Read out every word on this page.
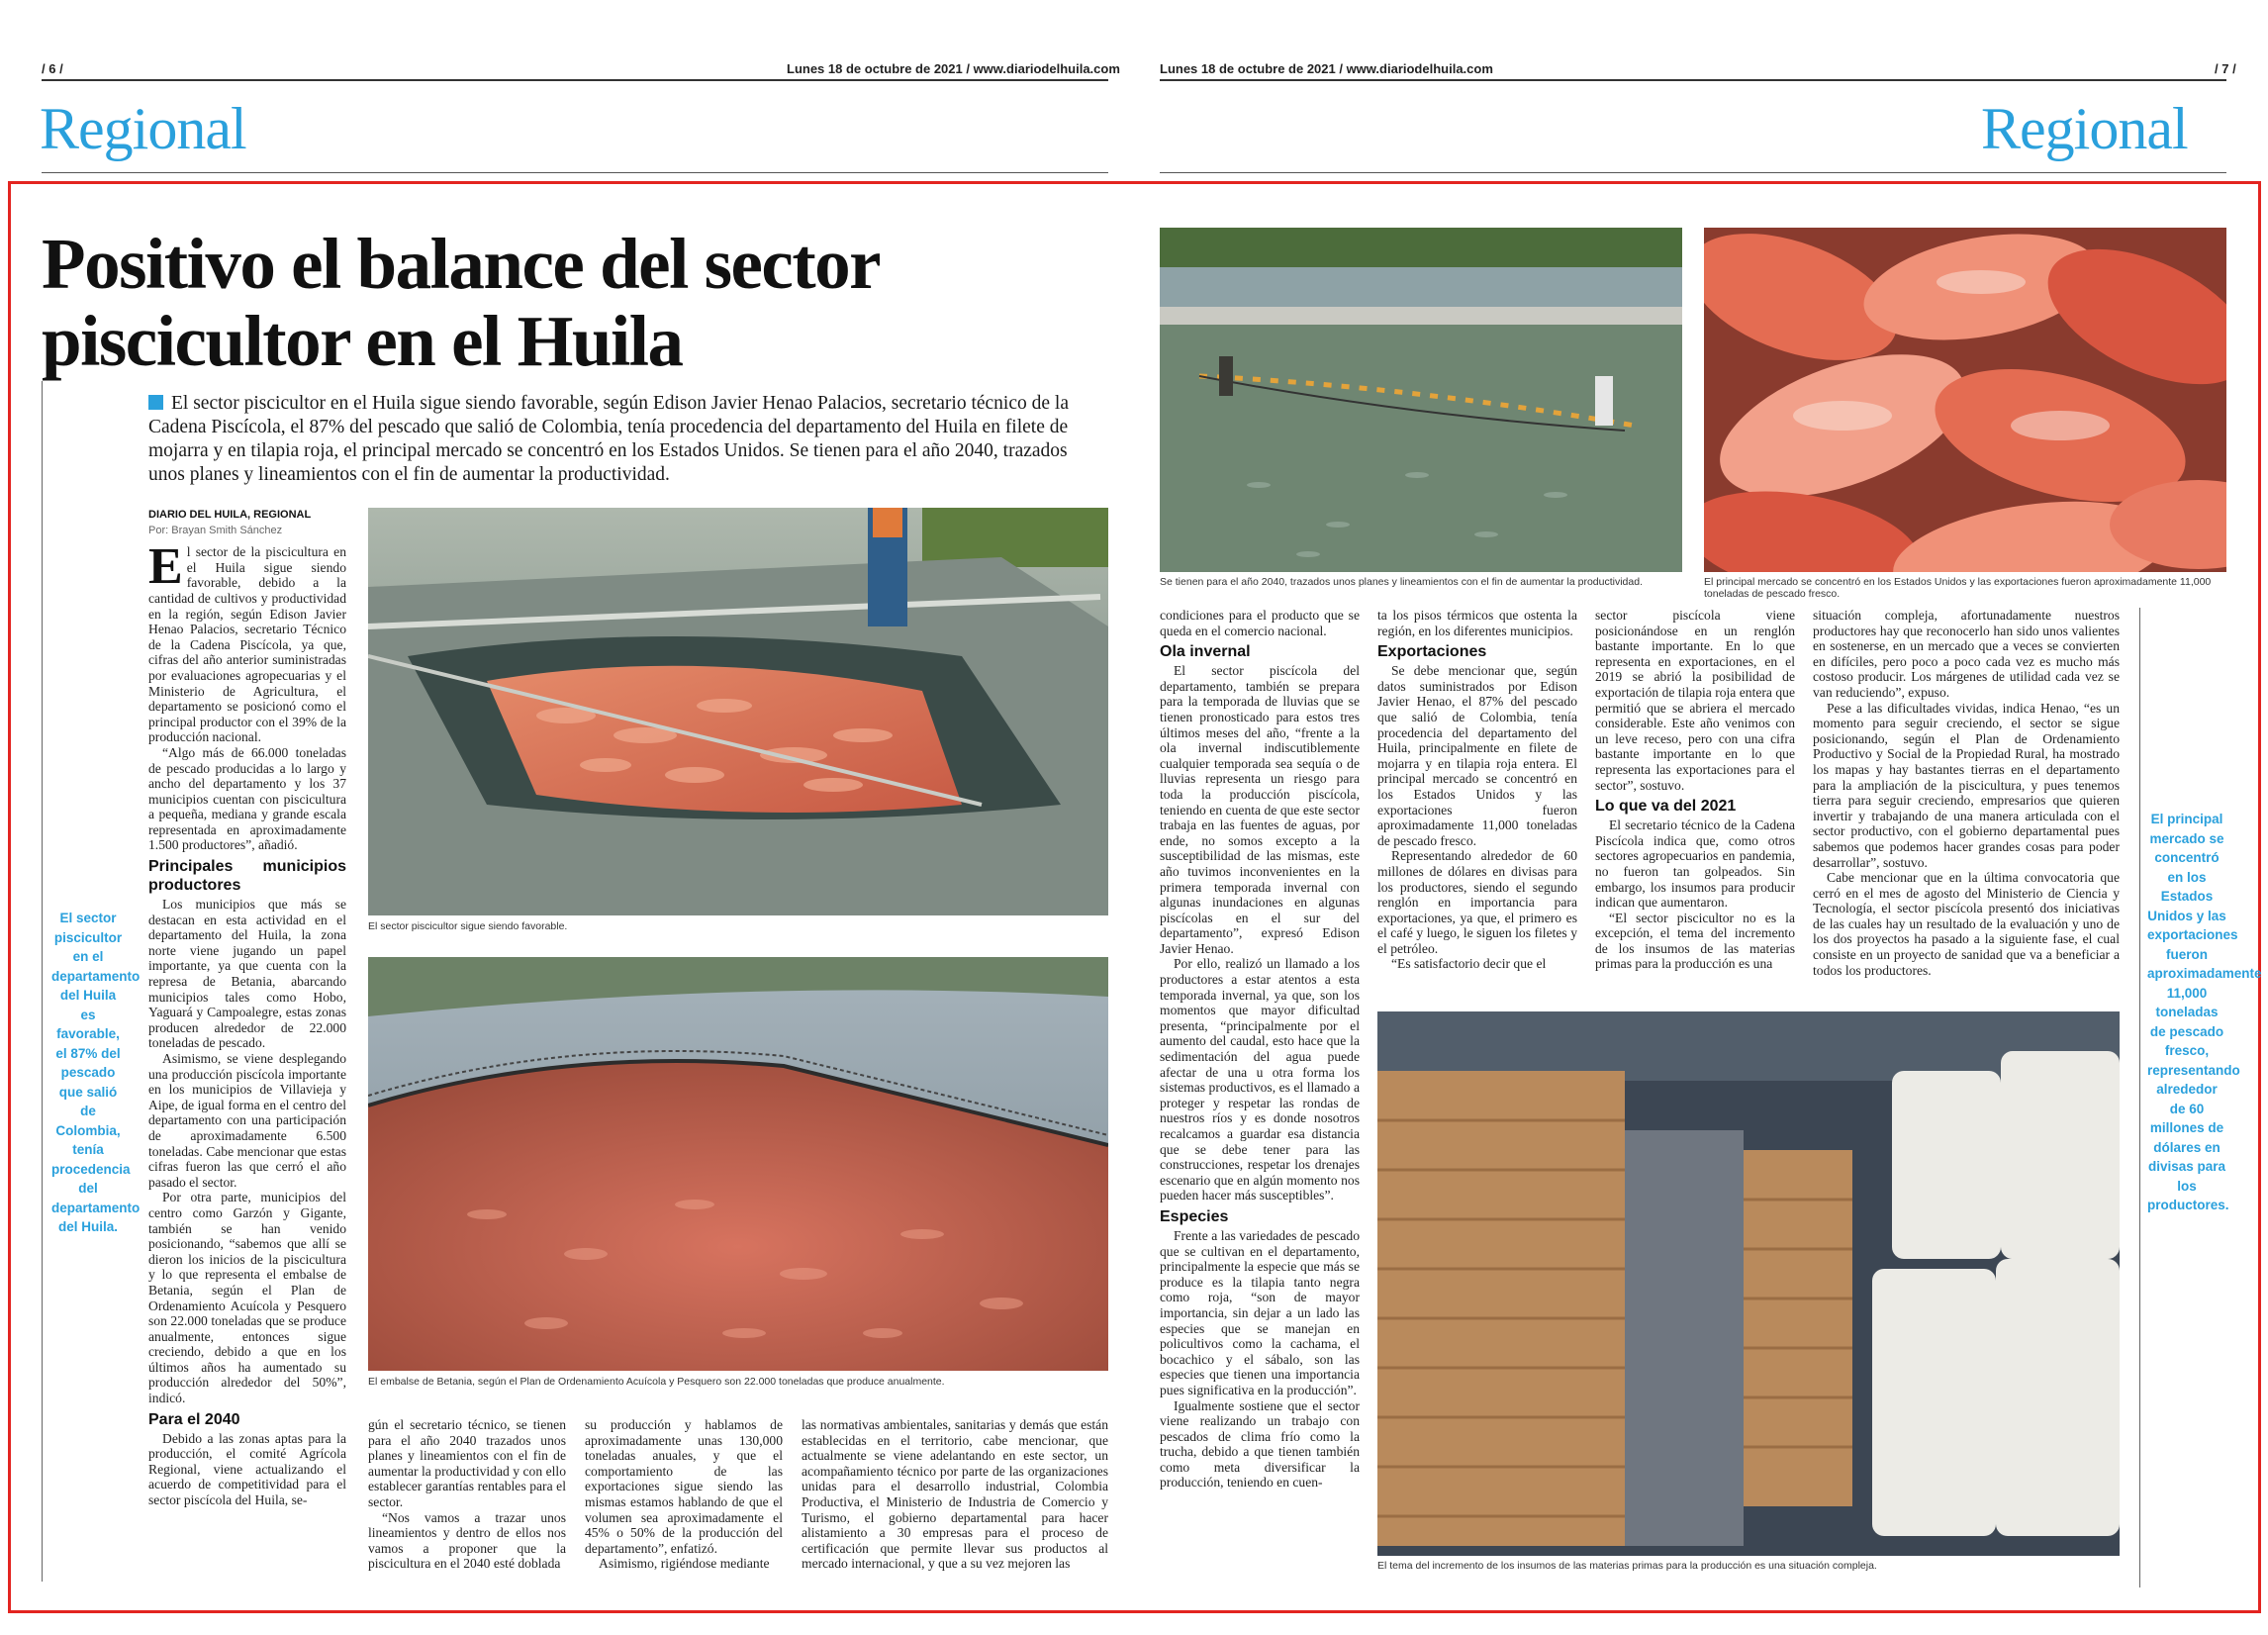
/ 6 /	Lunes 18 de octubre de 2021 / www.diariodelhuila.com	Lunes 18 de octubre de 2021 / www.diariodelhuila.com	/ 7 /
Regional	Regional
Positivo el balance del sector piscicultor en el Huila
El sector piscicultor en el Huila sigue siendo favorable, según Edison Javier Henao Palacios, secretario técnico de la Cadena Piscícola, el 87% del pescado que salió de Colombia, tenía procedencia del departamento del Huila en filete de mojarra y en tilapia roja, el principal mercado se concentró en los Estados Unidos. Se tienen para el año 2040, trazados unos planes y lineamientos con el fin de aumentar la productividad.
El sector piscicultor en el departamento del Huila es favorable, el 87% del pescado que salió de Colombia, tenía procedencia del departamento del Huila.
DIARIO DEL HUILA, REGIONAL
Por: Brayan Smith Sánchez

El sector de la piscicultura en el Huila sigue siendo favorable, debido a la cantidad de cultivos y productividad en la región, según Edison Javier Henao Palacios, secretario Técnico de la Cadena Piscícola, ya que, cifras del año anterior suministradas por evaluaciones agropecuarias y el Ministerio de Agricultura, el departamento se posicionó como el principal productor con el 39% de la producción nacional.

“Algo más de 66.000 toneladas de pescado producidas a lo largo y ancho del departamento y los 37 municipios cuentan con piscicultura a pequeña, mediana y grande escala representada en aproximadamente 1.500 productores”, añadió.

Principales municipios productores

Los municipios que más se destacan en esta actividad en el departamento del Huila, la zona norte viene jugando un papel importante, ya que cuenta con la represa de Betania, abarcando municipios tales como Hobo, Yaguará y Campoalegre, estas zonas producen alrededor de 22.000 toneladas de pescado.

Asimismo, se viene desplegando una producción piscícola importante en los municipios de Villavieja y Aipe, de igual forma en el centro del departamento con una participación de aproximadamente 6.500 toneladas. Cabe mencionar que estas cifras fueron las que cerró el año pasado el sector.

Por otra parte, municipios del centro como Garzón y Gigante, también se han venido posicionando, “sabemos que allí se dieron los inicios de la piscicultura y lo que representa el embalse de Betania, según el Plan de Ordenamiento Acuícola y Pesquero son 22.000 toneladas que se produce anualmente, entonces sigue creciendo, debido a que en los últimos años ha aumentado su producción alrededor del 50%”, indicó.

Para el 2040

Debido a las zonas aptas para la producción, el comité Agrícola Regional, viene actualizando el acuerdo de competitividad para el sector piscícola del Huila, se-

El sector piscicultor sigue siendo favorable.
El embalse de Betania, según el Plan de Ordenamiento Acuícola y Pesquero son 22.000 toneladas que produce anualmente.

gún el secretario técnico, se tienen para el año 2040 trazados unos planes y lineamientos con el fin de aumentar la productividad y con ello establecer garantías rentables para el sector.

“Nos vamos a trazar unos lineamientos y dentro de ellos nos vamos a proponer que la piscicultura en el 2040 esté doblada

su producción y hablamos de aproximadamente unas 130,000 toneladas anuales, y que el comportamiento de las exportaciones sigue siendo las mismas estamos hablando de que el volumen sea aproximadamente el 45% o 50% de la producción del departamento”, enfatizó.

Asimismo, rigiéndose mediante

las normativas ambientales, sanitarias y demás que están establecidas en el territorio, cabe mencionar, que actualmente se viene adelantando en este sector, un acompañamiento técnico por parte de las organizaciones unidas para el desarrollo industrial, Colombia Productiva, el Ministerio de Industria de Comercio y Turismo, el gobierno departamental para hacer alistamiento a 30 empresas para el proceso de certificación que permite llevar sus productos al mercado internacional, y que a su vez mejoren las

Se tienen para el año 2040, trazados unos planes y lineamientos con el fin de aumentar la productividad.	El principal mercado se concentró en los Estados Unidos y las exportaciones fueron aproximadamente 11,000 toneladas de pescado fresco.

condiciones para el producto que se queda en el comercio nacional.

Ola invernal

El sector piscícola del departamento, también se prepara para la temporada de lluvias que se tienen pronosticado para estos tres últimos meses del año, “frente a la ola invernal indiscutiblemente cualquier temporada sea sequía o de lluvias representa un riesgo para toda la producción piscícola, teniendo en cuenta de que este sector trabaja en las fuentes de aguas, por ende, no somos excepto a la susceptibilidad de las mismas, este año tuvimos inconvenientes en la primera temporada invernal con algunas inundaciones en algunas piscícolas en el sur del departamento”, expresó Edison Javier Henao.

Por ello, realizó un llamado a los productores a estar atentos a esta temporada invernal, ya que, son los momentos que mayor dificultad presenta, “principalmente por el aumento del caudal, esto hace que la sedimentación del agua puede afectar de una u otra forma los sistemas productivos, es el llamado a proteger y respetar las rondas de nuestros ríos y es donde nosotros recalcamos a guardar esa distancia que se debe tener para las construcciones, respetar los drenajes escenario que en algún momento nos pueden hacer más susceptibles”.

Especies

Frente a las variedades de pescado que se cultivan en el departamento, principalmente la especie que más se produce es la tilapia tanto negra como roja, “son de mayor importancia, sin dejar a un lado las especies que se manejan en policultivos como la cachama, el bocachico y el sábalo, son las especies que tienen una importancia pues significativa en la producción”.

Igualmente sostiene que el sector viene realizando un trabajo con pescados de clima frío como la trucha, debido a que tienen también como meta diversificar la producción, teniendo en cuen-

ta los pisos térmicos que ostenta la región, en los diferentes municipios.

Exportaciones

Se debe mencionar que, según datos suministrados por Edison Javier Henao, el 87% del pescado que salió de Colombia, tenía procedencia del departamento del Huila, principalmente en filete de mojarra y en tilapia roja entera. El principal mercado se concentró en los Estados Unidos y las exportaciones fueron aproximadamente 11,000 toneladas de pescado fresco.

Representando alrededor de 60 millones de dólares en divisas para los productores, siendo el segundo renglón en importancia para exportaciones, ya que, el primero es el café y luego, le siguen los filetes y el petróleo.

“Es satisfactorio decir que el

sector piscícola viene posicionándose en un renglón bastante importante. En lo que representa en exportaciones, en el 2019 se abrió la posibilidad de exportación de tilapia roja entera que permitió que se abriera el mercado considerable. Este año venimos con un leve receso, pero con una cifra bastante importante en lo que representa las exportaciones para el sector”, sostuvo.

Lo que va del 2021

El secretario técnico de la Cadena Piscícola indica que, como otros sectores agropecuarios en pandemia, no fueron tan golpeados. Sin embargo, los insumos para producir indican que aumentaron.

“El sector piscicultor no es la excepción, el tema del incremento de los insumos de las materias primas para la producción es una

situación compleja, afortunadamente nuestros productores hay que reconocerlo han sido unos valientes en sostenerse, en un mercado que a veces se convierten en difíciles, pero poco a poco cada vez es mucho más costoso producir. Los márgenes de utilidad cada vez se van reduciendo”, expuso.

Pese a las dificultades vividas, indica Henao, “es un momento para seguir creciendo, el sector se sigue posicionando, según el Plan de Ordenamiento Productivo y Social de la Propiedad Rural, ha mostrado los mapas y hay bastantes tierras en el departamento para la ampliación de la piscicultura, y pues tenemos tierra para seguir creciendo, empresarios que quieren invertir y trabajando de una manera articulada con el sector productivo, con el gobierno departamental pues sabemos que podemos hacer grandes cosas para poder desarrollar”, sostuvo.

Cabe mencionar que en la última convocatoria que cerró en el mes de agosto del Ministerio de Ciencia y Tecnología, el sector piscícola presentó dos iniciativas de las cuales hay un resultado de la evaluación y uno de los dos proyectos ha pasado a la siguiente fase, el cual consiste en un proyecto de sanidad que va a beneficiar a todos los productores.

El tema del incremento de los insumos de las materias primas para la producción es una situación compleja.
El principal mercado se concentró en los Estados Unidos y las exportaciones fueron aproximadamente 11,000 toneladas de pescado fresco, representando alrededor de 60 millones de dólares en divisas para los productores.
